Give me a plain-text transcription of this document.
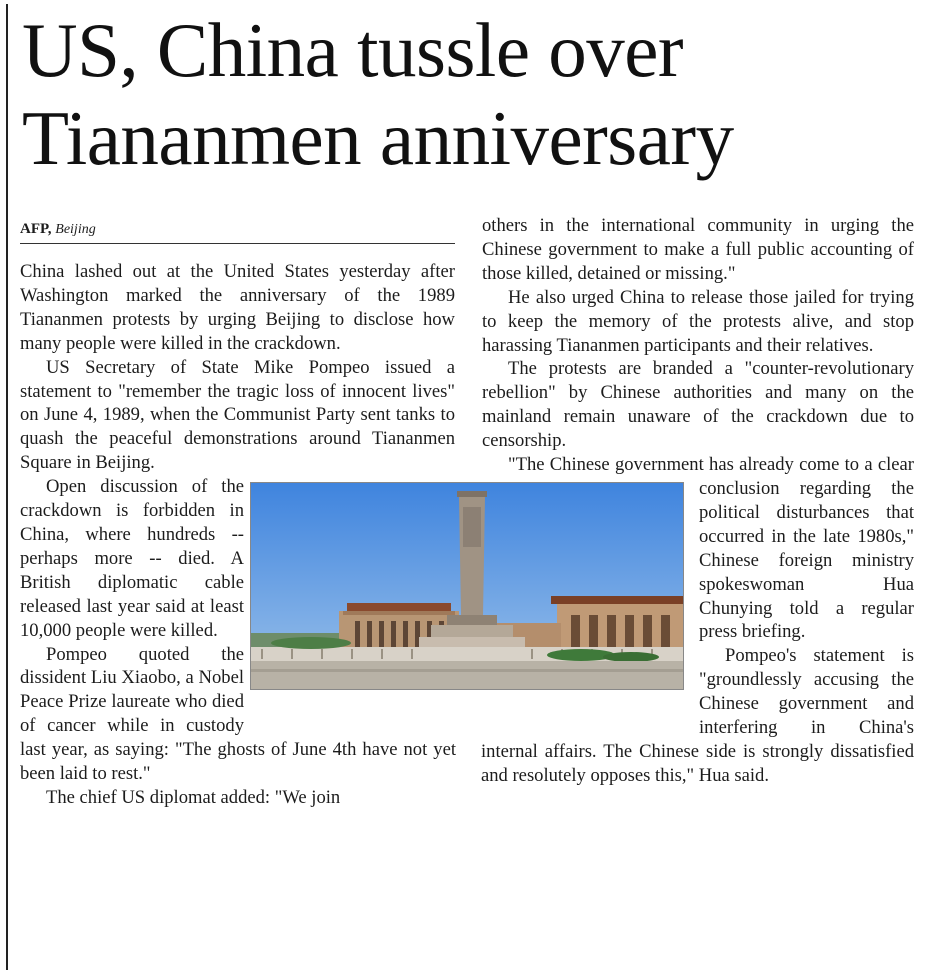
US, China tussle over Tiananmen anniversary
AFP, Beijing

China lashed out at the United States yesterday after Washington marked the anniversary of the 1989 Tiananmen protests by urging Beijing to disclose how many people were killed in the crackdown.

US Secretary of State Mike Pompeo issued a statement to "remember the tragic loss of innocent lives" on June 4, 1989, when the Communist Party sent tanks to quash the peaceful demonstrations around Tiananmen Square in Beijing.

Open discussion of the crackdown is forbidden in China, where hundreds -- perhaps more -- died. A British diplomatic cable released last year said at least 10,000 people were killed.

Pompeo quoted the dissident Liu Xiaobo, a Nobel Peace Prize laureate who died of cancer while in custody last year, as saying: "The ghosts of June 4th have not yet been laid to rest."

The chief US diplomat added: "We join

others in the international community in urging the Chinese government to make a full public accounting of those killed, detained or missing."

He also urged China to release those jailed for trying to keep the memory of the protests alive, and stop harassing Tiananmen participants and their relatives.

The protests are branded a "counter-revolutionary rebellion" by Chinese authorities and many on the mainland remain unaware of the crackdown due to censorship.

"The Chinese government has already come to a clear conclusion regarding the political disturbances that occurred in the late 1980s," Chinese foreign ministry spokeswoman Hua Chunying told a regular press briefing.

Pompeo's statement is "groundlessly accusing the Chinese government and interfering in China's internal affairs. The Chinese side is strongly dissatisfied and resolutely opposes this," Hua said.
